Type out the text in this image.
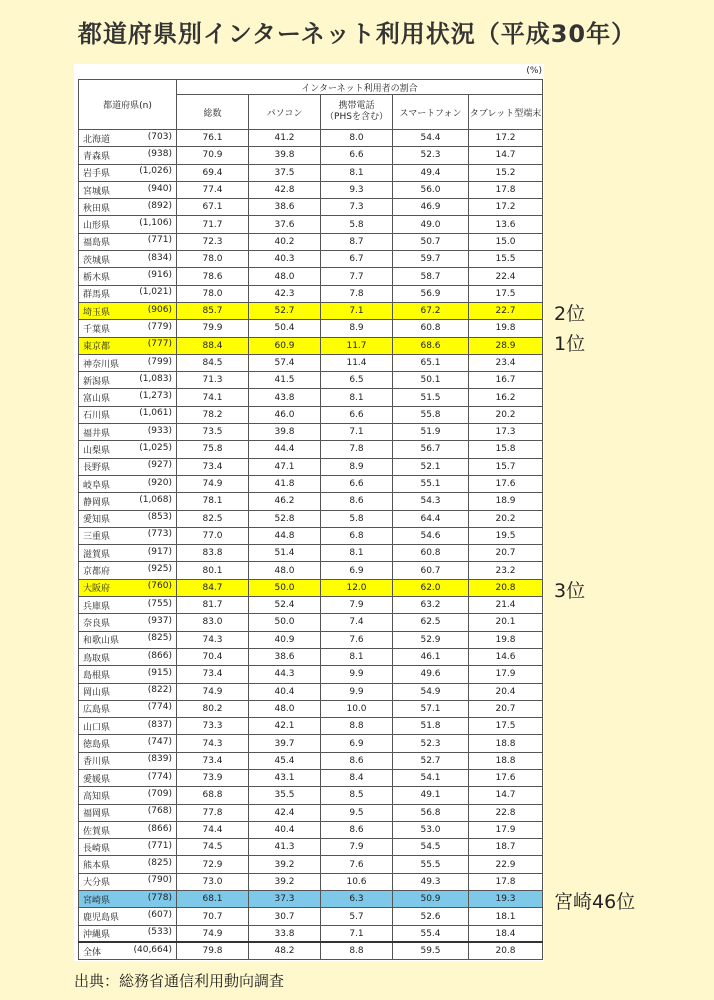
都道府県別インターネット利用状況（平成30年）
(%)
都道府県(n)	インターネット利用者の割合				
	総数	パソコン	携帯電話
（PHSを含む）	スマートフォン	タブレット型端末

北海道 (703)	76.1	41.2	8.0	54.4	17.2

青森県 (938)	70.9	39.8	6.6	52.3	14.7

岩手県 (1,026)	69.4	37.5	8.1	49.4	15.2

宮城県 (940)	77.4	42.8	9.3	56.0	17.8

秋田県 (892)	67.1	38.6	7.3	46.9	17.2

山形県 (1,106)	71.7	37.6	5.8	49.0	13.6

福島県 (771)	72.3	40.2	8.7	50.7	15.0

茨城県 (834)	78.0	40.3	6.7	59.7	15.5

栃木県 (916)	78.6	48.0	7.7	58.7	22.4

群馬県 (1,021)	78.0	42.3	7.8	56.9	17.5

埼玉県 (906)	85.7	52.7	7.1	67.2	22.7

千葉県 (779)	79.9	50.4	8.9	60.8	19.8

東京都 (777)	88.4	60.9	11.7	68.6	28.9

神奈川県 (799)	84.5	57.4	11.4	65.1	23.4

新潟県 (1,083)	71.3	41.5	6.5	50.1	16.7

富山県 (1,273)	74.1	43.8	8.1	51.5	16.2

石川県 (1,061)	78.2	46.0	6.6	55.8	20.2

福井県 (933)	73.5	39.8	7.1	51.9	17.3

山梨県 (1,025)	75.8	44.4	7.8	56.7	15.8

長野県 (927)	73.4	47.1	8.9	52.1	15.7

岐阜県 (920)	74.9	41.8	6.6	55.1	17.6

静岡県 (1,068)	78.1	46.2	8.6	54.3	18.9

愛知県 (853)	82.5	52.8	5.8	64.4	20.2

三重県 (773)	77.0	44.8	6.8	54.6	19.5

滋賀県 (917)	83.8	51.4	8.1	60.8	20.7

京都府 (925)	80.1	48.0	6.9	60.7	23.2

大阪府 (760)	84.7	50.0	12.0	62.0	20.8

兵庫県 (755)	81.7	52.4	7.9	63.2	21.4

奈良県 (937)	83.0	50.0	7.4	62.5	20.1

和歌山県 (825)	74.3	40.9	7.6	52.9	19.8

鳥取県 (866)	70.4	38.6	8.1	46.1	14.6

島根県 (915)	73.4	44.3	9.9	49.6	17.9

岡山県 (822)	74.9	40.4	9.9	54.9	20.4

広島県 (774)	80.2	48.0	10.0	57.1	20.7

山口県 (837)	73.3	42.1	8.8	51.8	17.5

徳島県 (747)	74.3	39.7	6.9	52.3	18.8

香川県 (839)	73.4	45.4	8.6	52.7	18.8

愛媛県 (774)	73.9	43.1	8.4	54.1	17.6

高知県 (709)	68.8	35.5	8.5	49.1	14.7

福岡県 (768)	77.8	42.4	9.5	56.8	22.8

佐賀県 (866)	74.4	40.4	8.6	53.0	17.9

長崎県 (771)	74.5	41.3	7.9	54.5	18.7

熊本県 (825)	72.9	39.2	7.6	55.5	22.9

大分県 (790)	73.0	39.2	10.6	49.3	17.8

宮崎県 (778)	68.1	37.3	6.3	50.9	19.3

鹿児島県 (607)	70.7	30.7	5.7	52.6	18.1

沖縄県 (533)	74.9	33.8	7.1	55.4	18.4

全体 (40,664)	79.8	48.2	8.8	59.5	20.8
2位
1位
3位
宮崎46位
出典：総務省通信利用動向調査
